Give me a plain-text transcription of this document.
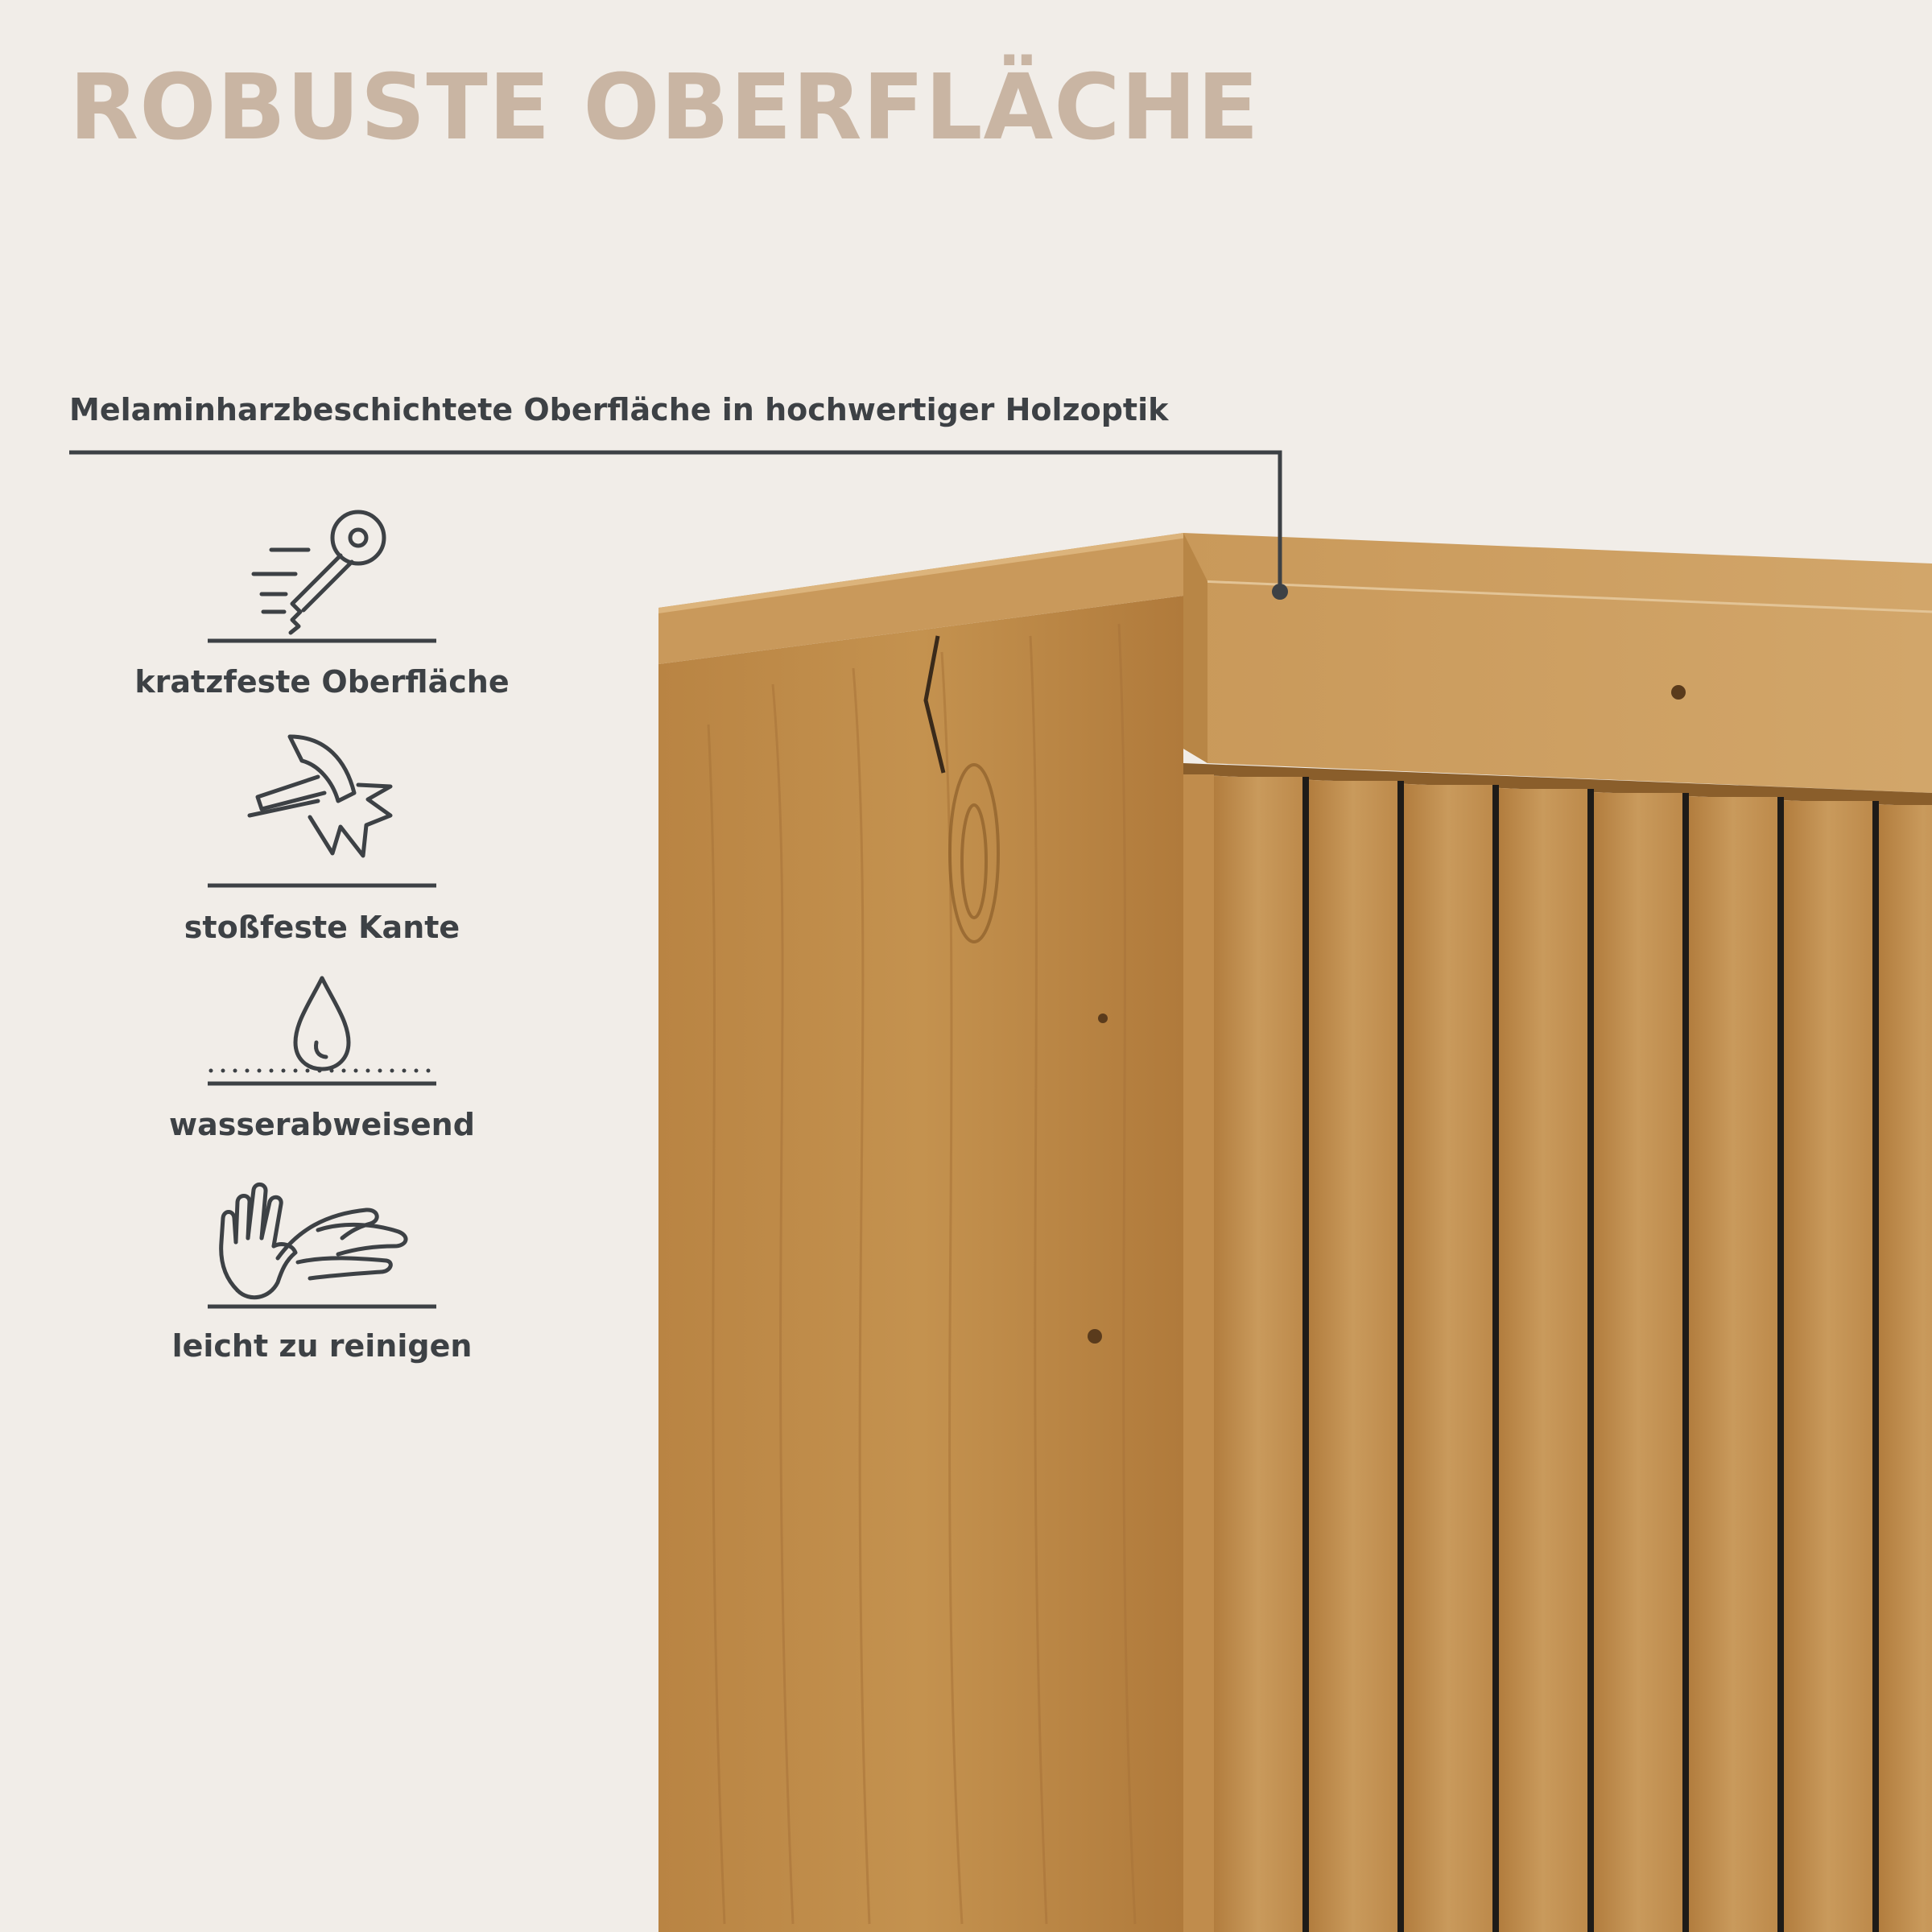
ROBUSTE OBERFLÄCHE

Melaminharzbeschichtete Oberfläche in hochwertiger Holzoptik

kratzfeste Oberfläche
stoßfeste Kante
wasserabweisend
leicht zu reinigen
